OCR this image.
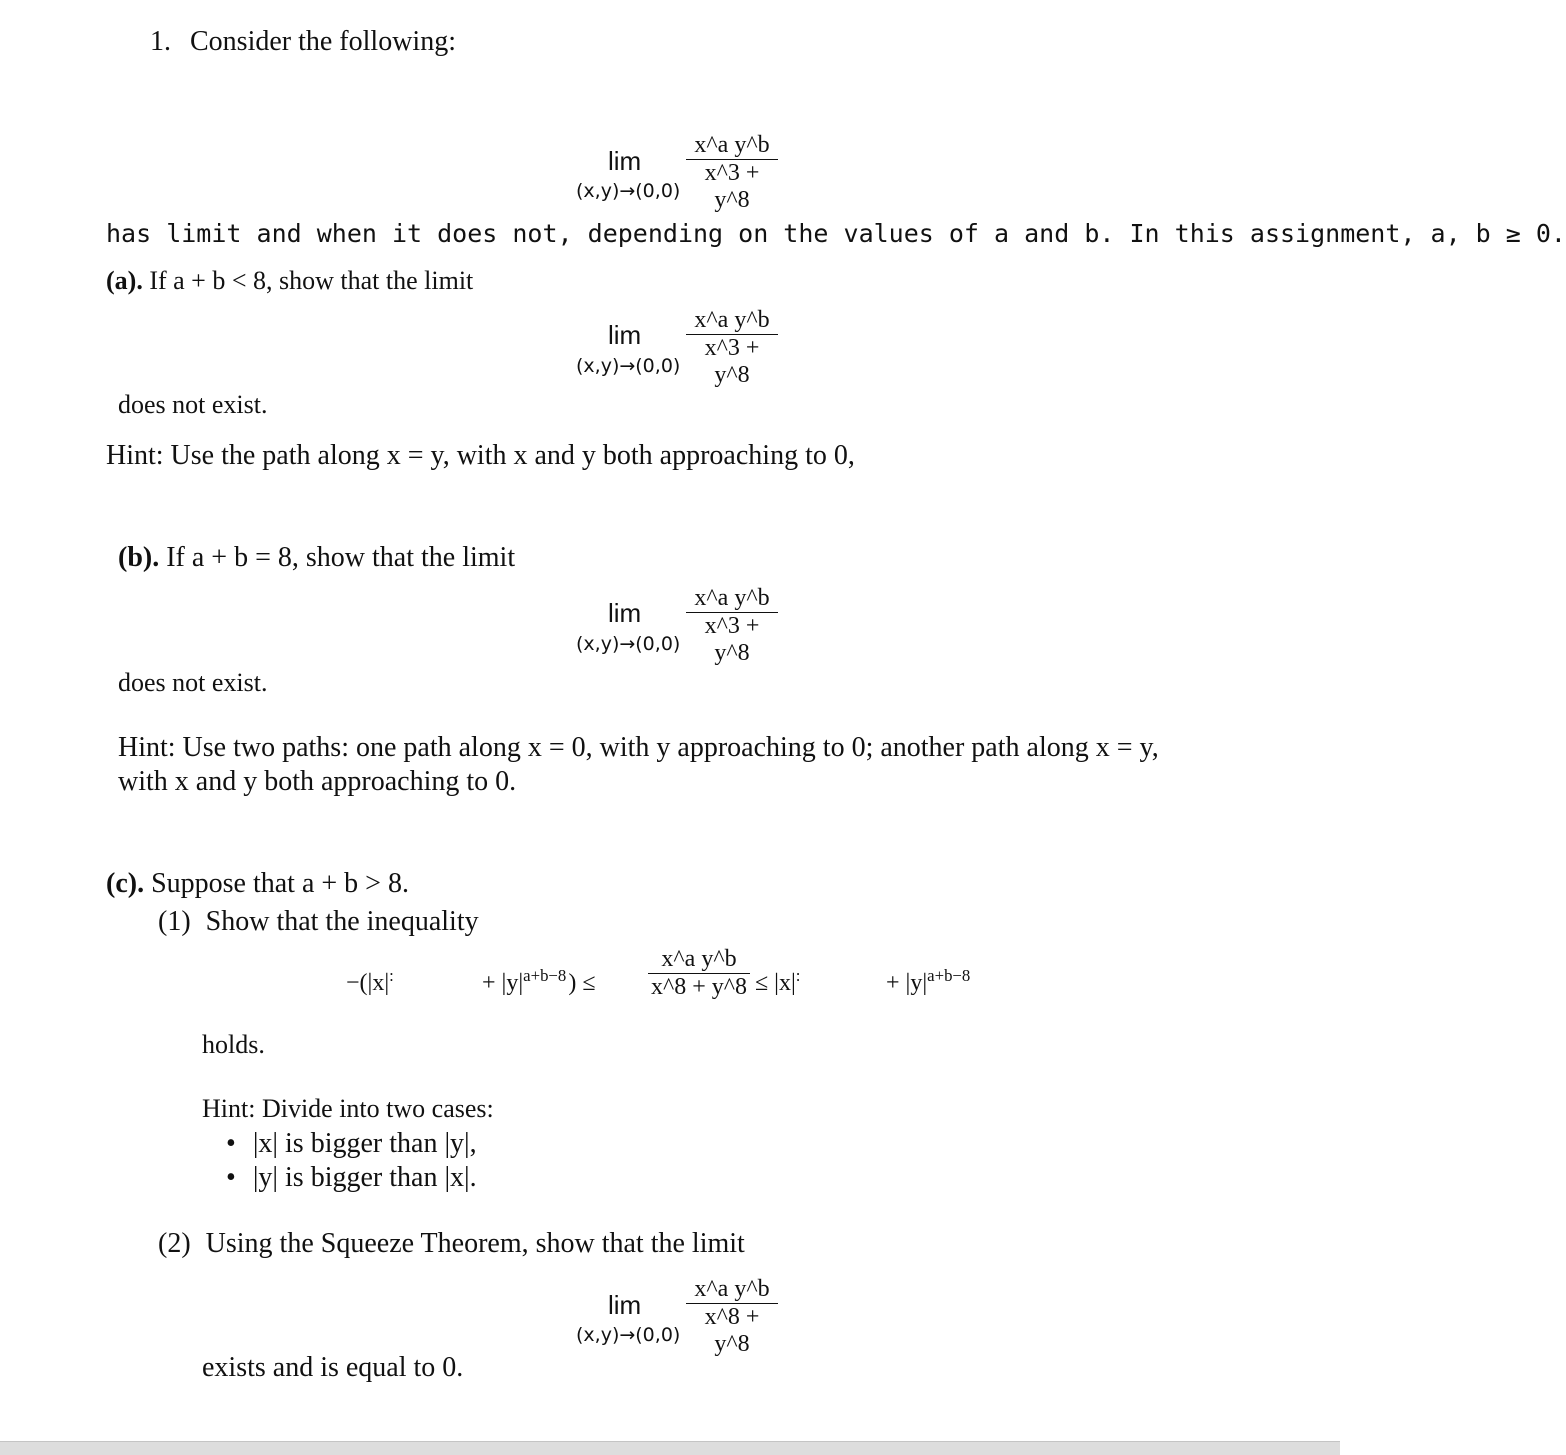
1. Consider the following:
lim
(x,y)→(0,0)
x^a y^b
x^3 + y^8
has limit and when it does not, depending on the values of a and b. In this assignment, a, b ≥ 0.
(a). If a + b < 8, show that the limit
lim
(x,y)→(0,0)
x^a y^b
x^3 + y^8
does not exist.
Hint: Use the path along x = y, with x and y both approaching to 0,
(b). If a + b = 8, show that the limit
lim
(x,y)→(0,0)
x^a y^b
x^3 + y^8
does not exist.
Hint: Use two paths: one path along x = 0, with y approaching to 0; another path along x = y,
with x and y both approaching to 0.
(c). Suppose that a + b > 8.
(1) Show that the inequality
−(|x|:	+ $|y|^{a+b-8}$) ≤
x^a y^b
x^8 + y^8 ≤ |x|:	+ $|y|^{a+b-8}$
holds.
Hint: Divide into two cases:
• |x| is bigger than |y|,
• |y| is bigger than |x|.
(2) Using the Squeeze Theorem, show that the limit
lim
(x,y)→(0,0)
x^a y^b
x^8 + y^8
exists and is equal to 0.
